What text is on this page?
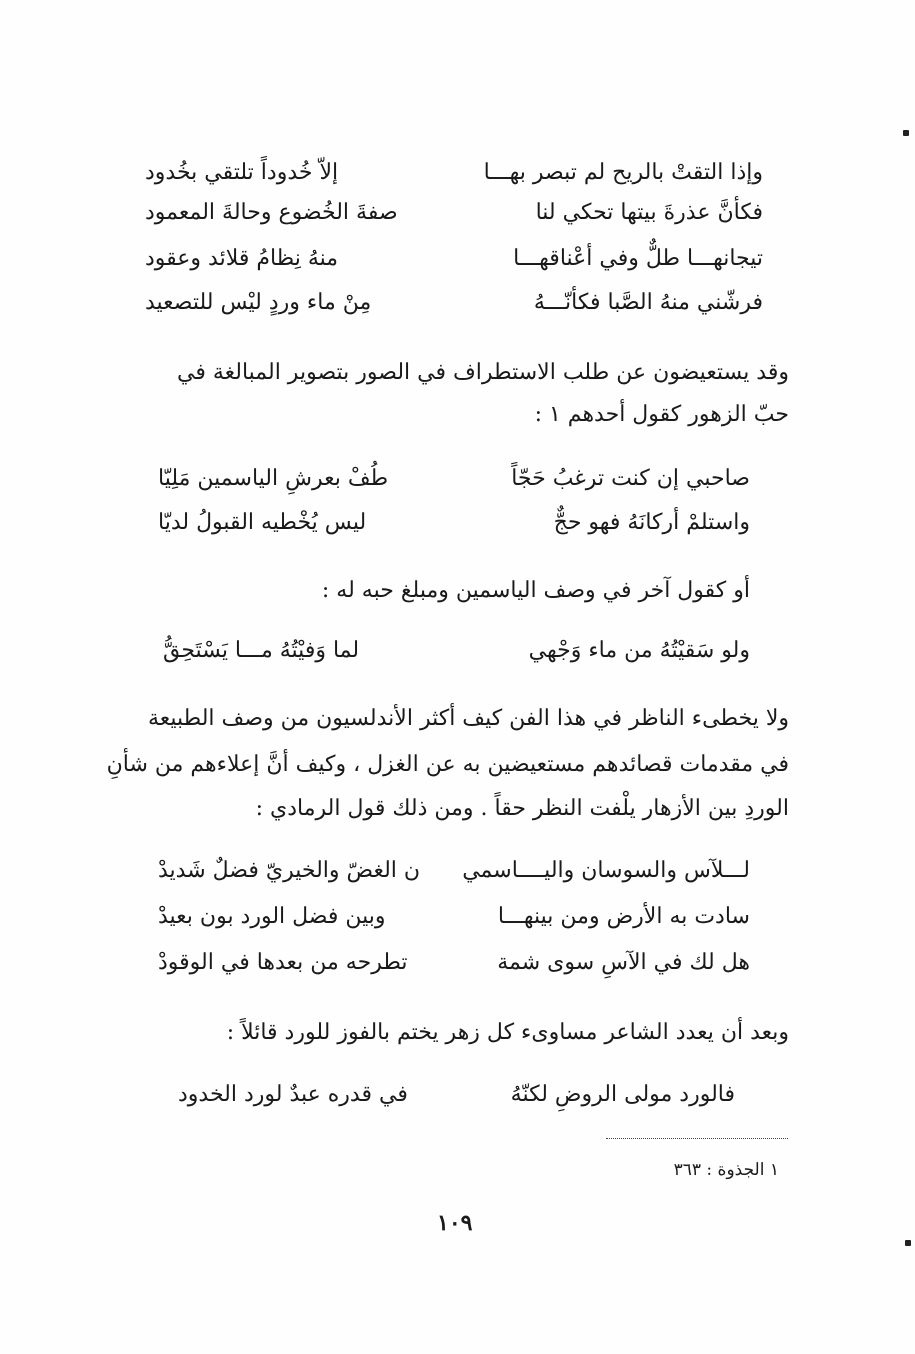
وإذا التقتْ بالريح لم تبصر بهـــا
إلاّ خُدوداً تلتقي بخُدود
فكأنَّ عذرةَ بيتها تحكي لنا
صفةَ الخُضوع وحالةَ المعمود
تيجانهـــا طلٌّ وفي أعْناقهـــا
منهُ نِظامُ قلائد وعقود
فرشّني منهُ الصَّبا فكأنّـــهُ
مِنْ ماء وردٍ ليْس للتصعيد
وقد يستعيضون عن طلب الاستطراف في الصور بتصوير المبالغة في
حبّ الزهور كقول أحدهم ١ :
صاحبي إن كنت ترغبُ حَجّاً
طُفْ بعرشِ الياسمين مَلِيّا
واستلمْ أركانَهُ فهو حجٌّ
ليس يُخْطيه القبولُ لديّا
أو كقول آخر في وصف الياسمين ومبلغ حبه له :
ولو سَقيْتُهُ من ماء وَجْهي
لما وَفيْتُهُ مـــا يَسْتَحِقُّ
ولا يخطىء الناظر في هذا الفن كيف أكثر الأندلسيون من وصف الطبيعة
في مقدمات قصائدهم مستعيضين به عن الغزل ، وكيف أنَّ إعلاءهم من شأنِ
الوردِ بين الأزهار يلْفت النظر حقاً . ومن ذلك قول الرمادي :
لـــلآس والسوسان واليــــاسمي
ن الغضّ والخيريّ فضلٌ شَديدْ
سادت به الأرض ومن بينهـــا
وبين فضل الورد بون بعيدْ
هل لك في الآسِ سوى شمة
تطرحه من بعدها في الوقودْ
وبعد أن يعدد الشاعر مساوىء كل زهر يختم بالفوز للورد قائلاً :
فالورد مولى الروضِ لكنّهُ
في قدره عبدٌ لورد الخدود
١ الجذوة : ٣٦٣
١٠٩
